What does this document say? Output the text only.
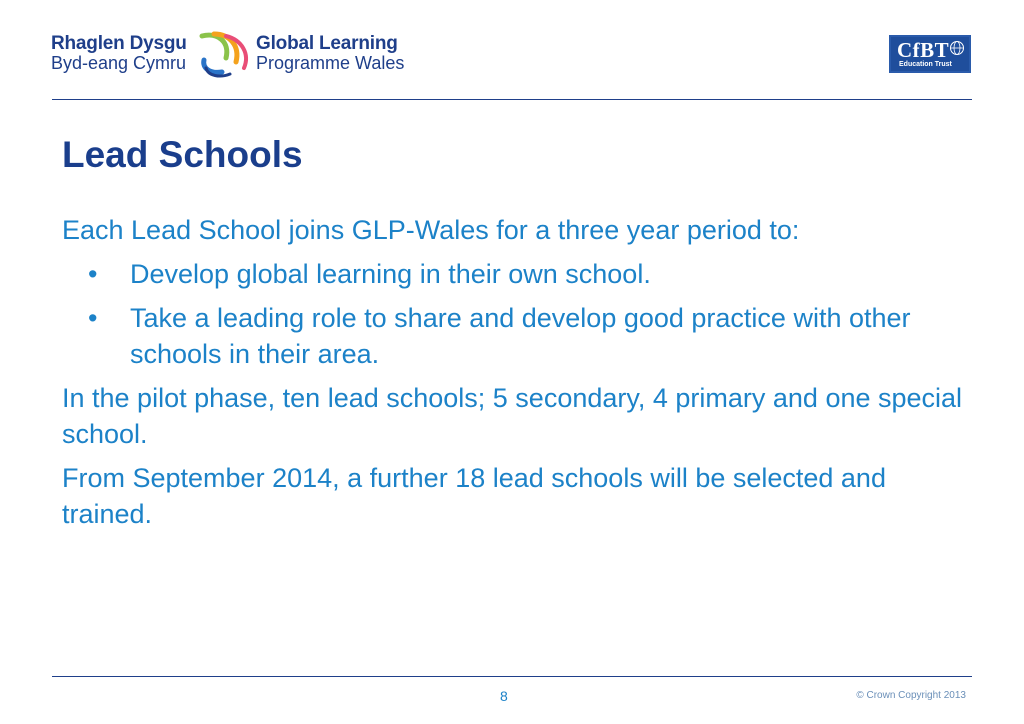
Rhaglen Dysgu
Byd-eang Cymru
Global Learning
Programme Wales
CfBT
Education Trust
Lead Schools

Each Lead School joins GLP-Wales for a three year period to:

• Develop global learning in their own school.
• Take a leading role to share and develop good practice with other schools in their area.

In the pilot phase, ten lead schools; 5 secondary, 4 primary and one special school.

From September 2014, a further 18 lead schools will be selected and trained.

8	© Crown Copyright 2013
